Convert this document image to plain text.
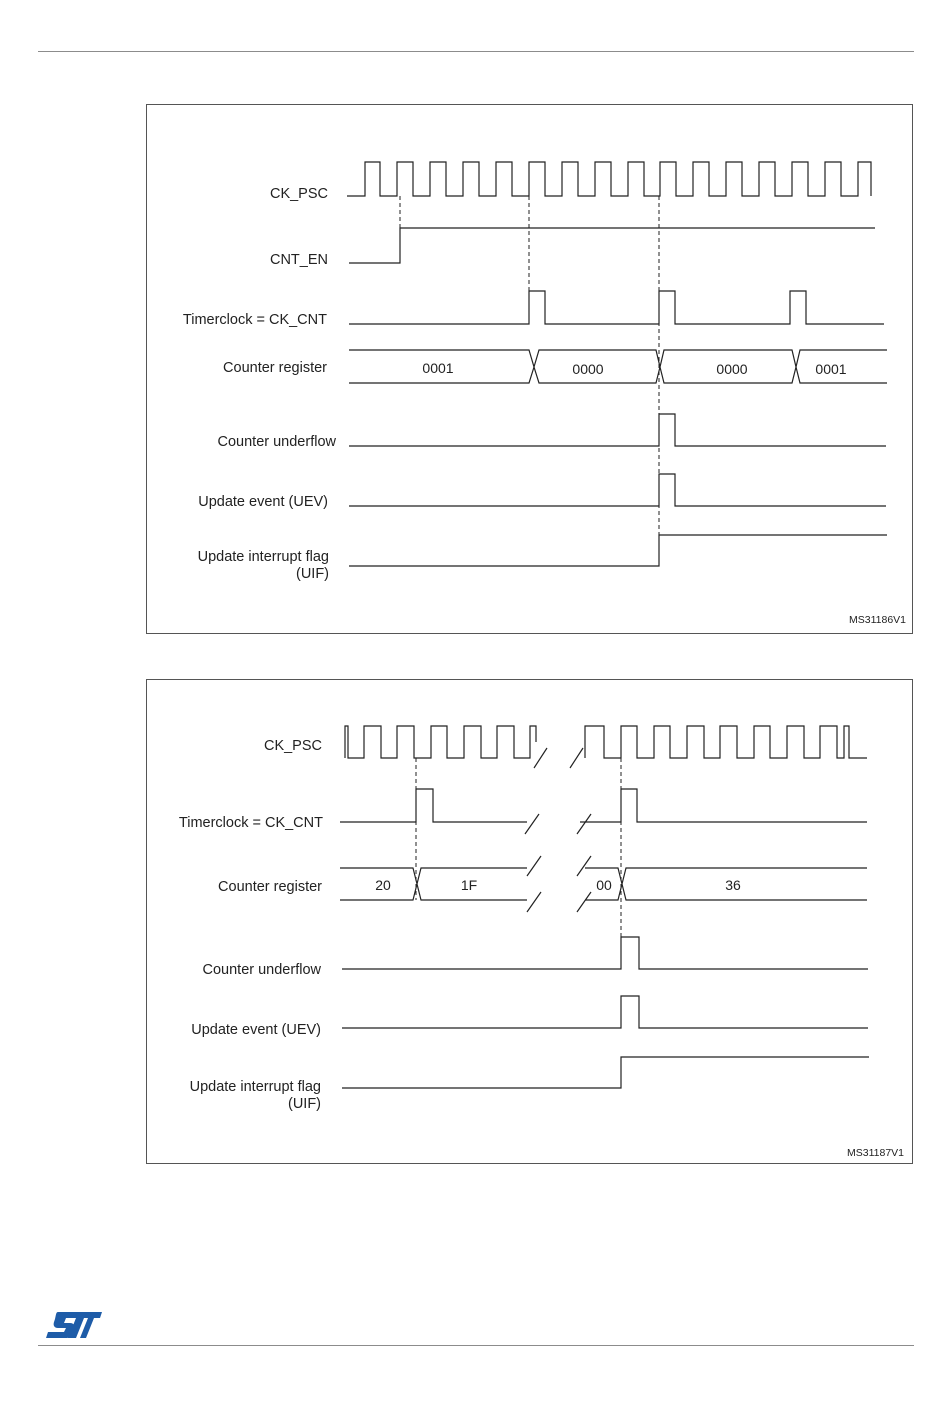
CK_PSC
CNT_EN
Timerclock = CK_CNT
Counter register
Counter underflow
Update event (UEV)
Update interrupt flag
(UIF)
0001	0000	0000	0001
MS31186V1
CK_PSC
Timerclock = CK_CNT
Counter register
Counter underflow
Update event (UEV)
Update interrupt flag
(UIF)
20	1F	00	36
MS31187V1
